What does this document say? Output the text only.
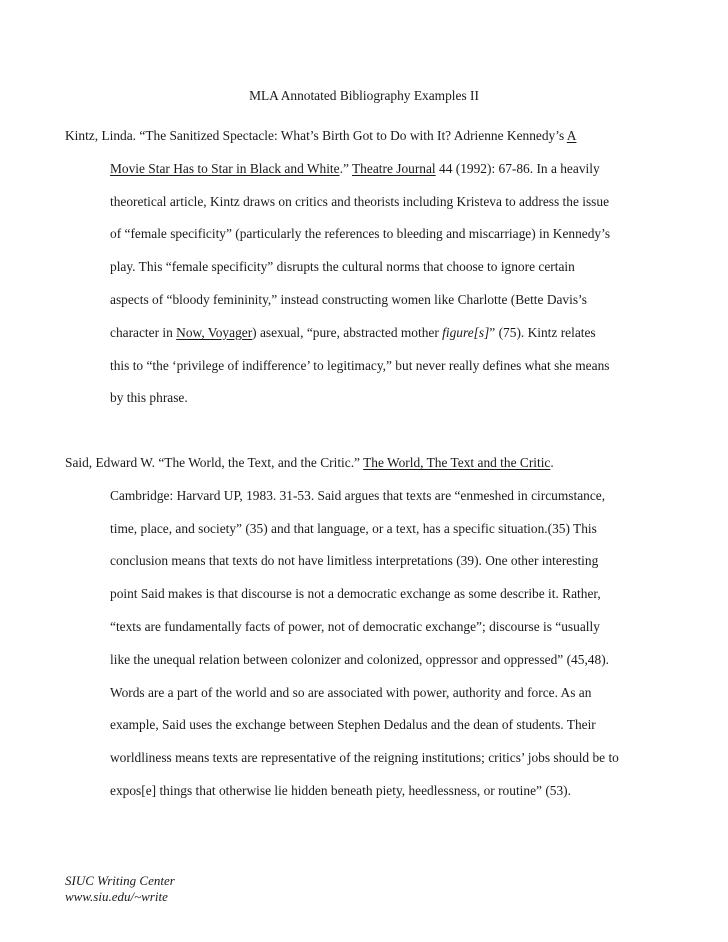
MLA Annotated Bibliography Examples II
Kintz, Linda. “The Sanitized Spectacle: What’s Birth Got to Do with It? Adrienne Kennedy’s A
Movie Star Has to Star in Black and White.” Theatre Journal 44 (1992): 67-86. In a heavily
theoretical article, Kintz draws on critics and theorists including Kristeva to address the issue
of “female specificity” (particularly the references to bleeding and miscarriage) in Kennedy’s
play. This “female specificity” disrupts the cultural norms that choose to ignore certain
aspects of “bloody femininity,” instead constructing women like Charlotte (Bette Davis’s
character in Now, Voyager) asexual, “pure, abstracted mother figure[s]” (75). Kintz relates
this to “the ‘privilege of indifference’ to legitimacy,” but never really defines what she means
by this phrase.
Said, Edward W. “The World, the Text, and the Critic.” The World, The Text and the Critic.
Cambridge: Harvard UP, 1983. 31-53. Said argues that texts are “enmeshed in circumstance,
time, place, and society” (35) and that language, or a text, has a specific situation.(35) This
conclusion means that texts do not have limitless interpretations (39). One other interesting
point Said makes is that discourse is not a democratic exchange as some describe it. Rather,
“texts are fundamentally facts of power, not of democratic exchange”; discourse is “usually
like the unequal relation between colonizer and colonized, oppressor and oppressed” (45,48).
Words are a part of the world and so are associated with power, authority and force. As an
example, Said uses the exchange between Stephen Dedalus and the dean of students. Their
worldliness means texts are representative of the reigning institutions; critics’ jobs should be to
expos[e] things that otherwise lie hidden beneath piety, heedlessness, or routine” (53).
SIUC Writing Center
www.siu.edu/~write
